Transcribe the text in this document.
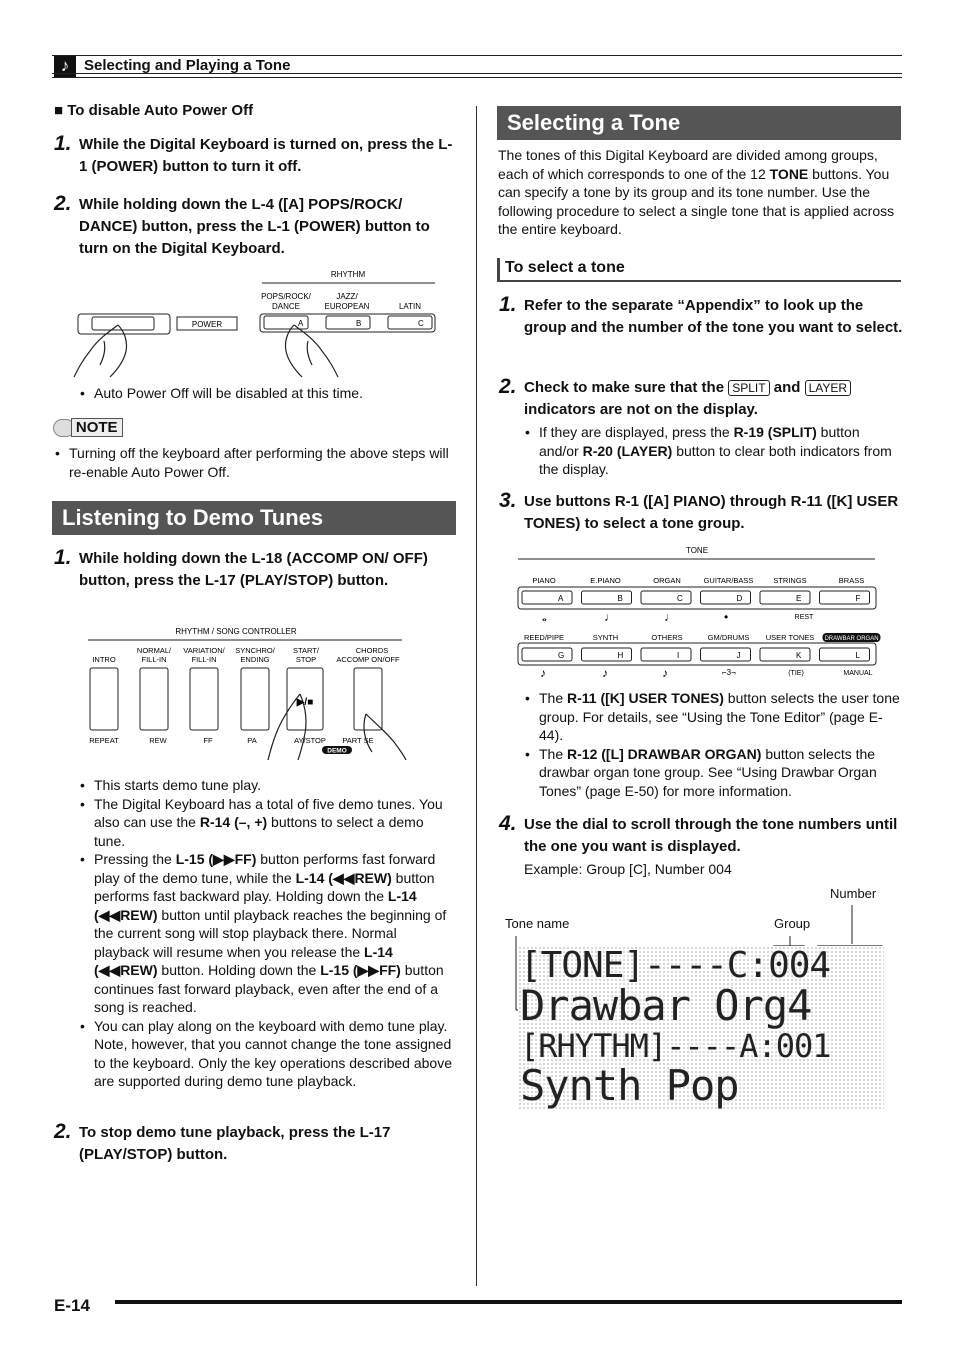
♪ Selecting and Playing a Tone
■ To disable Auto Power Off
1. While the Digital Keyboard is turned on, press the L-1 (POWER) button to turn it off.
2. While holding down the L-4 ([A] POPS/ROCK/ DANCE) button, press the L-1 (POWER) button to turn on the Digital Keyboard.
RHYTHM
POPS/ROCK/
DANCE
JAZZ/
EUROPEAN	LATIN
A	B	C
POWER
• Auto Power Off will be disabled at this time.
NOTE
• Turning off the keyboard after performing the above steps will re-enable Auto Power Off.
Listening to Demo Tunes
1. While holding down the L-18 (ACCOMP ON/ OFF) button, press the L-17 (PLAY/STOP) button.
RHYTHM / SONG CONTROLLER
INTRO
NORMAL/
FILL-IN
VARIATION/
FILL-IN
SYNCHRO/
ENDING
START/
STOP
CHORDS
ACCOMP ON/OFF
▶/■
REPEAT	REW	FF	PA	AY/STOP PART SE
DEMO
• This starts demo tune play.
• The Digital Keyboard has a total of five demo tunes. You also can use the R-14 (–, +) buttons to select a demo tune.
• Pressing the L-15 (▶▶FF) button performs fast forward play of the demo tune, while the L-14 (◀◀REW) button performs fast backward play. Holding down the L-14 (◀◀REW) button until playback reaches the beginning of the current song will stop playback there. Normal playback will resume when you release the L-14 (◀◀REW) button. Holding down the L-15 (▶▶FF) button continues fast forward playback, even after the end of a song is reached.
• You can play along on the keyboard with demo tune play. Note, however, that you cannot change the tone assigned to the keyboard. Only the key operations described above are supported during demo tune playback.
2. To stop demo tune playback, press the L-17 (PLAY/STOP) button.
Selecting a Tone
The tones of this Digital Keyboard are divided among groups, each of which corresponds to one of the 12 TONE buttons. You can specify a tone by its group and its tone number. Use the following procedure to select a single tone that is applied across the entire keyboard.
To select a tone
1. Refer to the separate “Appendix” to look up the group and the number of the tone you want to select.
2. Check to make sure that the SPLIT and LAYER indicators are not on the display.
• If they are displayed, press the R-19 (SPLIT) button and/or R-20 (LAYER) button to clear both indicators from the display.
3. Use buttons R-1 ([A] PIANO) through R-11 ([K] USER TONES) to select a tone group.
TONE
REST
(TIE)	MANUAL
PIANO
A
E.PIANO
B
ORGAN
C
GUITAR/BASS
D
STRINGS
E
BRASS
F
REED/PIPE
G
SYNTH
H
OTHERS
I
GM/DRUMS
J
USER TONES
K
DRAWBAR ORGAN
L
𝅝	♩	♩	•
♪	♪	♪	⌐3¬
• The R-11 ([K] USER TONES) button selects the user tone group. For details, see “Using the Tone Editor” (page E-44).
• The R-12 ([L] DRAWBAR ORGAN) button selects the drawbar organ tone group. See “Using Drawbar Organ Tones” (page E-50) for more information.
4. Use the dial to scroll through the tone numbers until the one you want is displayed.
Example: Group [C], Number 004
Number
Group
Tone name
[TONE]----C:004
Drawbar Org4
[RHYTHM]----A:001
Synth Pop
E-14
